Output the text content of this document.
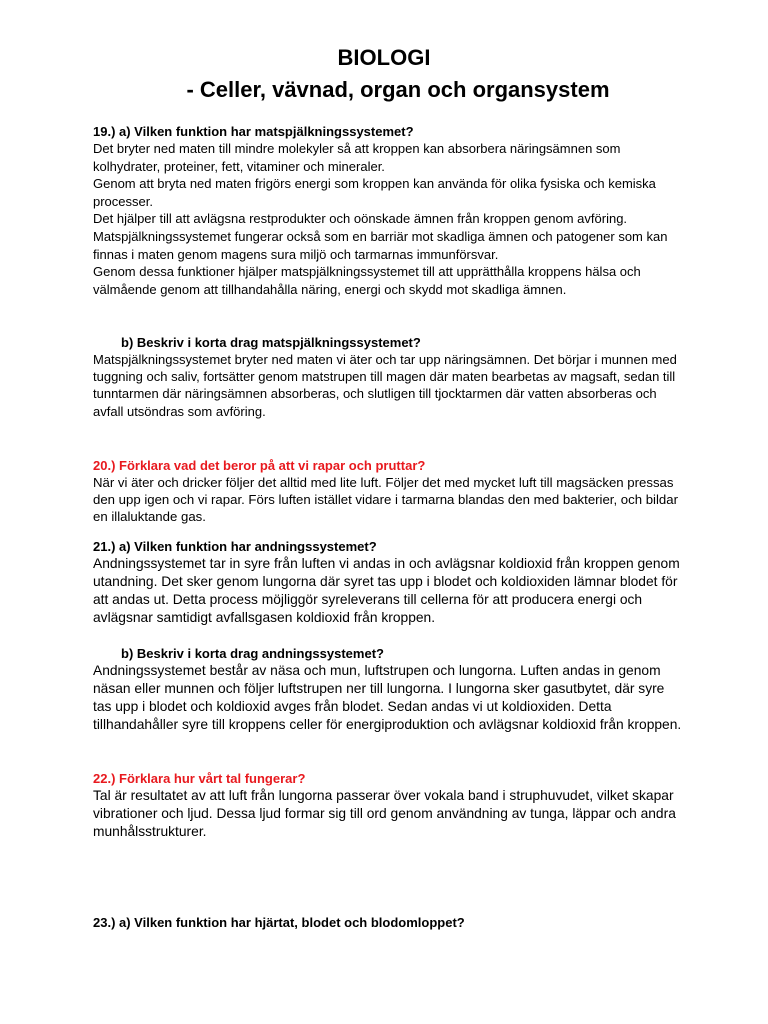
BIOLOGI
- Celler, vävnad, organ och organsystem

19.) a) Vilken funktion har matspjälkningssystemet?

Det bryter ned maten till mindre molekyler så att kroppen kan absorbera näringsämnen som kolhydrater, proteiner, fett, vitaminer och mineraler.

Genom att bryta ned maten frigörs energi som kroppen kan använda för olika fysiska och kemiska processer.

Det hjälper till att avlägsna restprodukter och oönskade ämnen från kroppen genom avföring.

Matspjälkningssystemet fungerar också som en barriär mot skadliga ämnen och patogener som kan finnas i maten genom magens sura miljö och tarmarnas immunförsvar.

Genom dessa funktioner hjälper matspjälkningssystemet till att upprätthålla kroppens hälsa och välmående genom att tillhandahålla näring, energi och skydd mot skadliga ämnen.

b) Beskriv i korta drag matspjälkningssystemet?

Matspjälkningssystemet bryter ned maten vi äter och tar upp näringsämnen. Det börjar i munnen med tuggning och saliv, fortsätter genom matstrupen till magen där maten bearbetas av magsaft, sedan till tunntarmen där näringsämnen absorberas, och slutligen till tjocktarmen där vatten absorberas och avfall utsöndras som avföring.

20.) Förklara vad det beror på att vi rapar och pruttar?

När vi äter och dricker följer det alltid med lite luft. Följer det med mycket luft till magsäcken pressas den upp igen och vi rapar. Förs luften istället vidare i tarmarna blandas den med bakterier, och bildar en illaluktande gas.

21.) a) Vilken funktion har andningssystemet?

Andningssystemet tar in syre från luften vi andas in och avlägsnar koldioxid från kroppen genom utandning. Det sker genom lungorna där syret tas upp i blodet och koldioxiden lämnar blodet för att andas ut. Detta process möjliggör syreleverans till cellerna för att producera energi och avlägsnar samtidigt avfallsgasen koldioxid från kroppen.

b) Beskriv i korta drag andningssystemet?

Andningssystemet består av näsa och mun, luftstrupen och lungorna. Luften andas in genom näsan eller munnen och följer luftstrupen ner till lungorna. I lungorna sker gasutbytet, där syre tas upp i blodet och koldioxid avges från blodet. Sedan andas vi ut koldioxiden. Detta tillhandahåller syre till kroppens celler för energiproduktion och avlägsnar koldioxid från kroppen.

22.) Förklara hur vårt tal fungerar?

Tal är resultatet av att luft från lungorna passerar över vokala band i struphuvudet, vilket skapar vibrationer och ljud. Dessa ljud formar sig till ord genom användning av tunga, läppar och andra munhålsstrukturer.

23.) a) Vilken funktion har hjärtat, blodet och blodomloppet?
